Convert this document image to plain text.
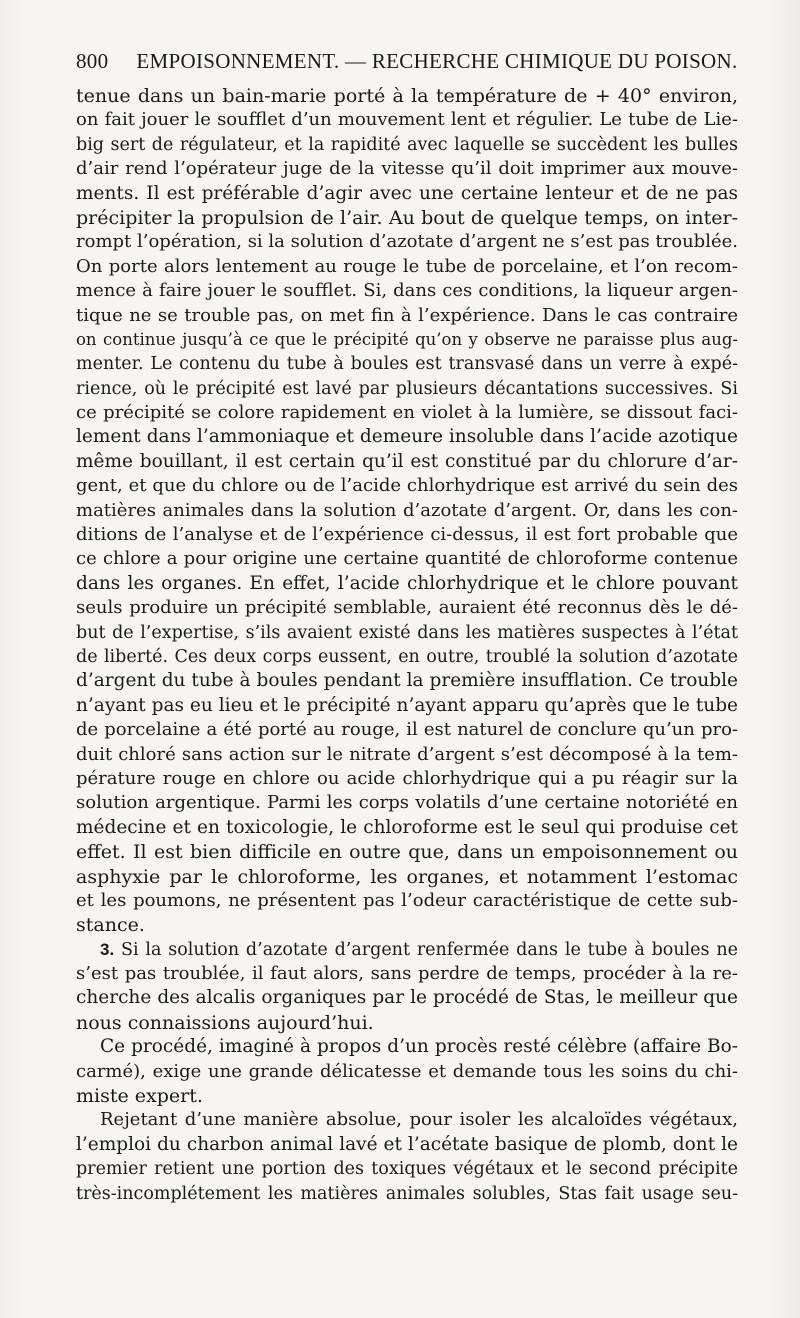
800 EMPOISONNEMENT. — RECHERCHE CHIMIQUE DU POISON.
tenue dans un bain-marie porté à la température de + 40° environ,
on fait jouer le soufflet d’un mouvement lent et régulier. Le tube de Lie-
big sert de régulateur, et la rapidité avec laquelle se succèdent les bulles
d’air rend l’opérateur juge de la vitesse qu’il doit imprimer aux mouve-
ments. Il est préférable d’agir avec une certaine lenteur et de ne pas
précipiter la propulsion de l’air. Au bout de quelque temps, on inter-
rompt l’opération, si la solution d’azotate d’argent ne s’est pas troublée.
On porte alors lentement au rouge le tube de porcelaine, et l’on recom-
mence à faire jouer le soufflet. Si, dans ces conditions, la liqueur argen-
tique ne se trouble pas, on met fin à l’expérience. Dans le cas contraire
on continue jusqu’à ce que le précipité qu’on y observe ne paraisse plus aug-
menter. Le contenu du tube à boules est transvasé dans un verre à expé-
rience, où le précipité est lavé par plusieurs décantations successives. Si
ce précipité se colore rapidement en violet à la lumière, se dissout faci-
lement dans l’ammoniaque et demeure insoluble dans l’acide azotique
même bouillant, il est certain qu’il est constitué par du chlorure d’ar-
gent, et que du chlore ou de l’acide chlorhydrique est arrivé du sein des
matières animales dans la solution d’azotate d’argent. Or, dans les con-
ditions de l’analyse et de l’expérience ci-dessus, il est fort probable que
ce chlore a pour origine une certaine quantité de chloroforme contenue
dans les organes. En effet, l’acide chlorhydrique et le chlore pouvant
seuls produire un précipité semblable, auraient été reconnus dès le dé-
but de l’expertise, s’ils avaient existé dans les matières suspectes à l’état
de liberté. Ces deux corps eussent, en outre, troublé la solution d’azotate
d’argent du tube à boules pendant la première insufflation. Ce trouble
n’ayant pas eu lieu et le précipité n’ayant apparu qu’après que le tube
de porcelaine a été porté au rouge, il est naturel de conclure qu’un pro-
duit chloré sans action sur le nitrate d’argent s’est décomposé à la tem-
pérature rouge en chlore ou acide chlorhydrique qui a pu réagir sur la
solution argentique. Parmi les corps volatils d’une certaine notoriété en
médecine et en toxicologie, le chloroforme est le seul qui produise cet
effet. Il est bien difficile en outre que, dans un empoisonnement ou
asphyxie par le chloroforme, les organes, et notamment l’estomac
et les poumons, ne présentent pas l’odeur caractéristique de cette sub-
stance.
3. Si la solution d’azotate d’argent renfermée dans le tube à boules ne
s’est pas troublée, il faut alors, sans perdre de temps, procéder à la re-
cherche des alcalis organiques par le procédé de Stas, le meilleur que
nous connaissions aujourd’hui.
Ce procédé, imaginé à propos d’un procès resté célèbre (affaire Bo-
carmé), exige une grande délicatesse et demande tous les soins du chi-
miste expert.
Rejetant d’une manière absolue, pour isoler les alcaloïdes végétaux,
l’emploi du charbon animal lavé et l’acétate basique de plomb, dont le
premier retient une portion des toxiques végétaux et le second précipite
très-incomplétement les matières animales solubles, Stas fait usage seu-
